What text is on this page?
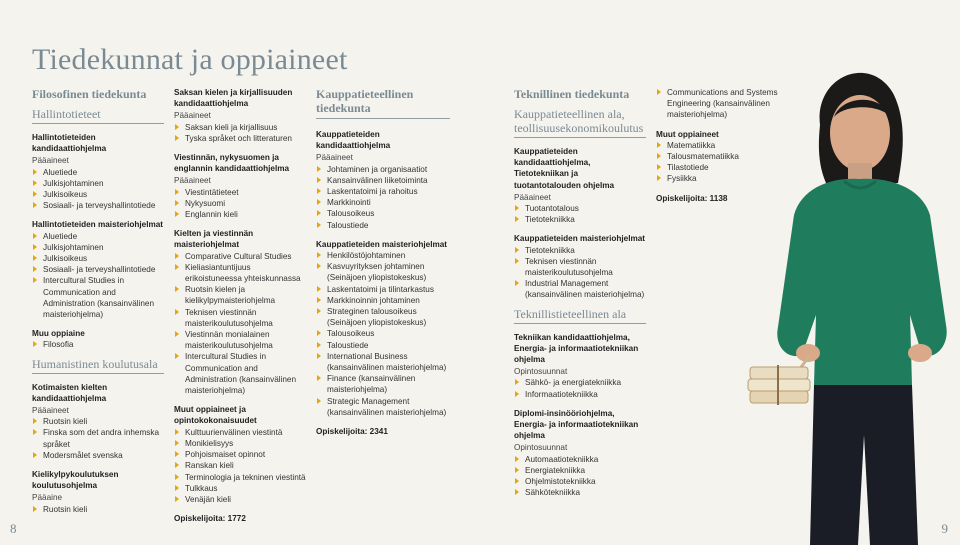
Tiedekunnat ja oppiaineet
Filosofinen tiedekunta
Hallintotieteet
Hallintotieteiden kandidaattiohjelma
Pääaineet
Aluetiede
Julkisjohtaminen
Julkisoikeus
Sosiaali- ja terveyshallintotiede
Hallintotieteiden maisteriohjelmat
Aluetiede
Julkisjohtaminen
Julkisoikeus
Sosiaali- ja terveyshallintotiede
Intercultural Studies in Communication and Administration (kansainvälinen maisteriohjelma)
Muu oppiaine
Filosofia
Humanistinen koulutusala
Kotimaisten kielten kandidaattiohjelma
Pääaineet
Ruotsin kieli
Finska som det andra inhemska språket
Modersmålet svenska
Kielikylpykoulutuksen koulutusohjelma
Pääaine
Ruotsin kieli
Saksan kielen ja kirjallisuuden kandidaattiohjelma
Pääaineet
Saksan kieli ja kirjallisuus
Tyska språket och litteraturen
Viestinnän, nykysuomen ja englannin kandidaattiohjelma
Pääaineet
Viestintätieteet
Nykysuomi
Englannin kieli
Kielten ja viestinnän maisteriohjelmat
Comparative Cultural Studies
Kieliasiantuntijuus erikoistuneessa yhteiskunnassa
Ruotsin kielen ja kielikylpymaisteriohjelma
Teknisen viestinnän maisterikoulutusohjelma
Viestinnän monialainen maisterikoulutusohjelma
Intercultural Studies in Communication and Administration (kansainvälinen maisteriohjelma)
Muut oppiaineet ja opintokokonaisuudet
Kulttuurienvälinen viestintä
Monikielisyys
Pohjoismaiset opinnot
Ranskan kieli
Terminologia ja tekninen viestintä
Tulkkaus
Venäjän kieli
Opiskelijoita: 1772
Kauppatieteellinen tiedekunta
Kauppatieteiden kandidaattiohjelma
Pääaineet
Johtaminen ja organisaatiot
Kansainvälinen liiketoiminta
Laskentatoimi ja rahoitus
Markkinointi
Talousoikeus
Taloustiede
Kauppatieteiden maisteriohjelmat
Henkilöstöjohtaminen
Kasvuyrityksen johtaminen (Seinäjoen yliopistokeskus)
Laskentatoimi ja tilintarkastus
Markkinoinnin johtaminen
Strateginen talousoikeus (Seinäjoen yliopistokeskus)
Talousoikeus
Taloustiede
International Business (kansainvälinen maisteriohjelma)
Finance (kansainvälinen maisteriohjelma)
Strategic Management (kansainvälinen maisteriohjelma)
Opiskelijoita: 2341
Teknillinen tiedekunta
Kauppatieteellinen ala, teollisuusekonomikoulutus
Kauppatieteiden kandidaattiohjelma, Tietotekniikan ja tuotantotalouden ohjelma
Pääaineet
Tuotantotalous
Tietotekniikka
Kauppatieteiden maisteriohjelmat
Tietotekniikka
Teknisen viestinnän maisterikoulutusohjelma
Industrial Management (kansainvälinen maisteriohjelma)
Teknillistieteellinen ala
Tekniikan kandidaattiohjelma, Energia- ja informaatiotekniikan ohjelma
Opintosuunnat
Sähkö- ja energiatekniikka
Informaatiotekniikka
Diplomi-insinööriohjelma, Energia- ja informaatiotekniikan ohjelma
Opintosuunnat
Automaatiotekniikka
Energiatekniikka
Ohjelmistotekniikka
Sähkötekniikka
Communications and Systems Engineering (kansainvälinen maisteriohjelma)
Muut oppiaineet
Matematiikka
Talousmatematiikka
Tilastotiede
Fysiikka
Opiskelijoita: 1138
8	9
